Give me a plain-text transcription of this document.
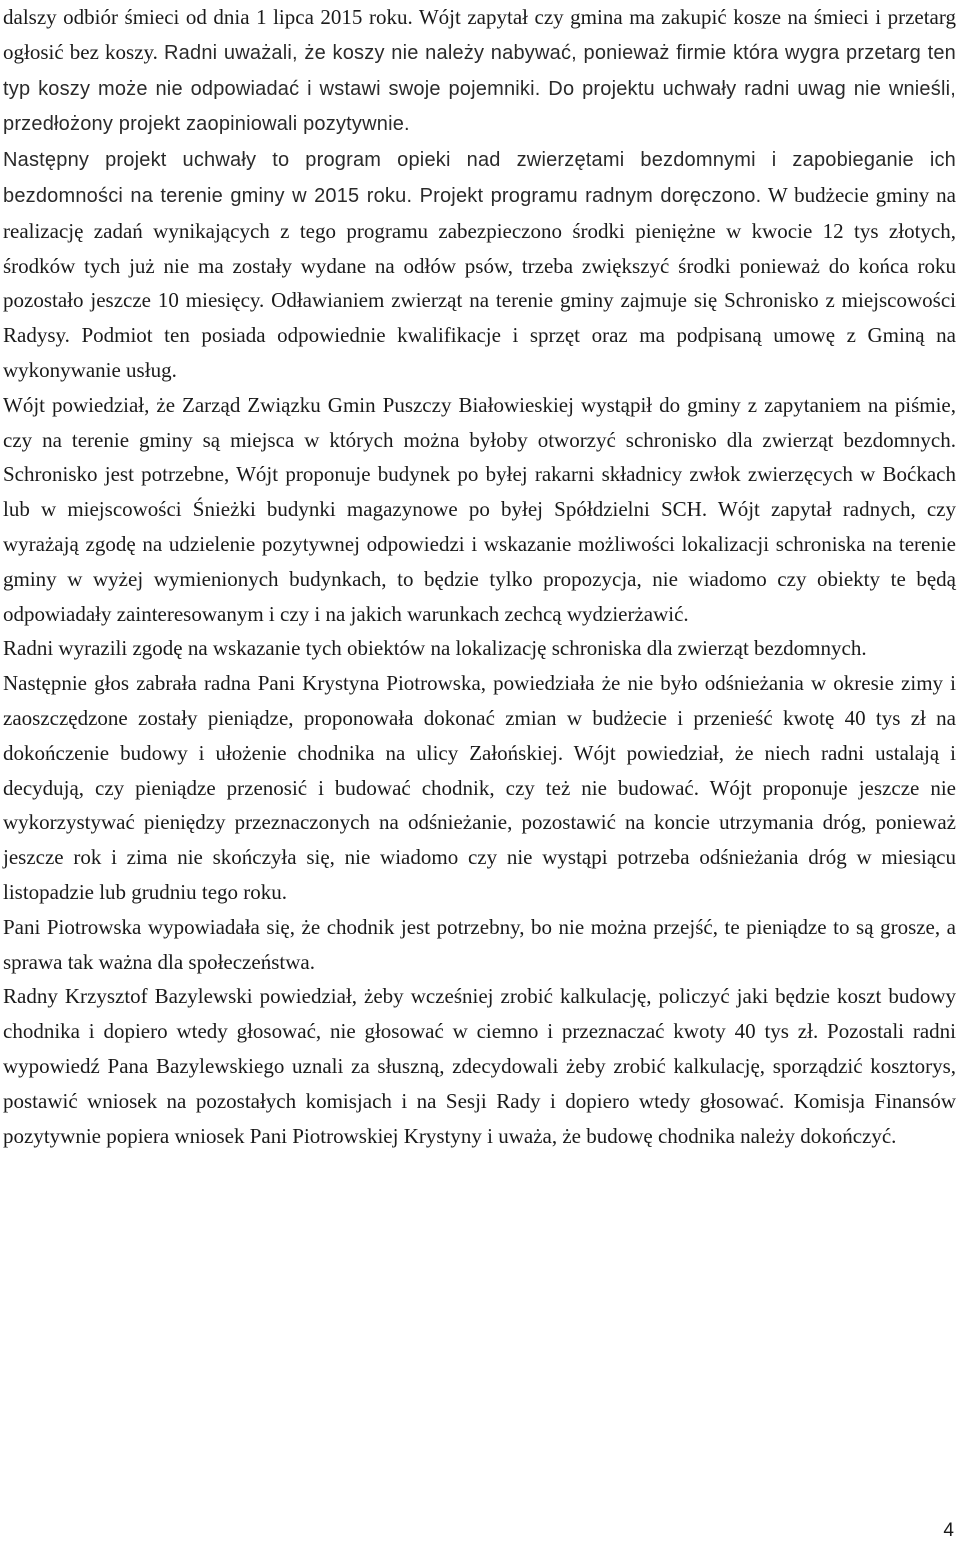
dalszy odbiór śmieci od dnia 1 lipca 2015 roku. Wójt zapytał czy gmina ma zakupić kosze na śmieci i przetarg ogłosić bez koszy. Radni uważali, że koszy nie należy nabywać, ponieważ firmie która wygra przetarg ten typ koszy może nie odpowiadać i wstawi swoje pojemniki. Do projektu uchwały radni uwag nie wnieśli, przedłożony projekt zaopiniowali pozytywnie.

Następny projekt uchwały to program opieki nad zwierzętami bezdomnymi i zapobieganie ich bezdomności na terenie gminy w 2015 roku. Projekt programu radnym doręczono. W budżecie gminy na realizację zadań wynikających z tego programu zabezpieczono środki pieniężne w kwocie 12 tys złotych, środków tych już nie ma zostały wydane na odłów psów, trzeba zwiększyć środki ponieważ do końca roku pozostało jeszcze 10 miesięcy. Odławianiem zwierząt na terenie gminy zajmuje się Schronisko z miejscowości Radysy. Podmiot ten posiada odpowiednie kwalifikacje i sprzęt oraz ma podpisaną umowę z Gminą na wykonywanie usług.

Wójt powiedział, że Zarząd Związku Gmin Puszczy Białowieskiej wystąpił do gminy z zapytaniem na piśmie, czy na terenie gminy są miejsca w których można byłoby otworzyć schronisko dla zwierząt bezdomnych. Schronisko jest potrzebne, Wójt proponuje budynek po byłej rakarni składnicy zwłok zwierzęcych w Boćkach lub w miejscowości Śnieżki budynki magazynowe po byłej Spółdzielni SCH. Wójt zapytał radnych, czy wyrażają zgodę na udzielenie pozytywnej odpowiedzi i wskazanie możliwości lokalizacji schroniska na terenie gminy w wyżej wymienionych budynkach, to będzie tylko propozycja, nie wiadomo czy obiekty te będą odpowiadały zainteresowanym i czy i na jakich warunkach zechcą wydzierżawić.

Radni wyrazili zgodę na wskazanie tych obiektów na lokalizację schroniska dla zwierząt bezdomnych.

Następnie głos zabrała radna Pani Krystyna Piotrowska, powiedziała że nie było odśnieżania w okresie zimy i zaoszczędzone zostały pieniądze, proponowała dokonać zmian w budżecie i przenieść kwotę 40 tys zł na dokończenie budowy i ułożenie chodnika na ulicy Załońskiej. Wójt powiedział, że niech radni ustalają i decydują, czy pieniądze przenosić i budować chodnik, czy też nie budować. Wójt proponuje jeszcze nie wykorzystywać pieniędzy przeznaczonych na odśnieżanie, pozostawić na koncie utrzymania dróg, ponieważ jeszcze rok i zima nie skończyła się, nie wiadomo czy nie wystąpi potrzeba odśnieżania dróg w miesiącu listopadzie lub grudniu tego roku.

Pani Piotrowska wypowiadała się, że chodnik jest potrzebny, bo nie można przejść, te pieniądze to są grosze, a sprawa tak ważna dla społeczeństwa.

Radny Krzysztof Bazylewski powiedział, żeby wcześniej zrobić kalkulację, policzyć jaki będzie koszt budowy chodnika i dopiero wtedy głosować, nie głosować w ciemno i przeznaczać kwoty 40 tys zł. Pozostali radni wypowiedź Pana Bazylewskiego uznali za słuszną, zdecydowali żeby zrobić kalkulację, sporządzić kosztorys, postawić wniosek na pozostałych komisjach i na Sesji Rady i dopiero wtedy głosować. Komisja Finansów pozytywnie popiera wniosek Pani Piotrowskiej Krystyny i uważa, że budowę chodnika należy dokończyć.

4
